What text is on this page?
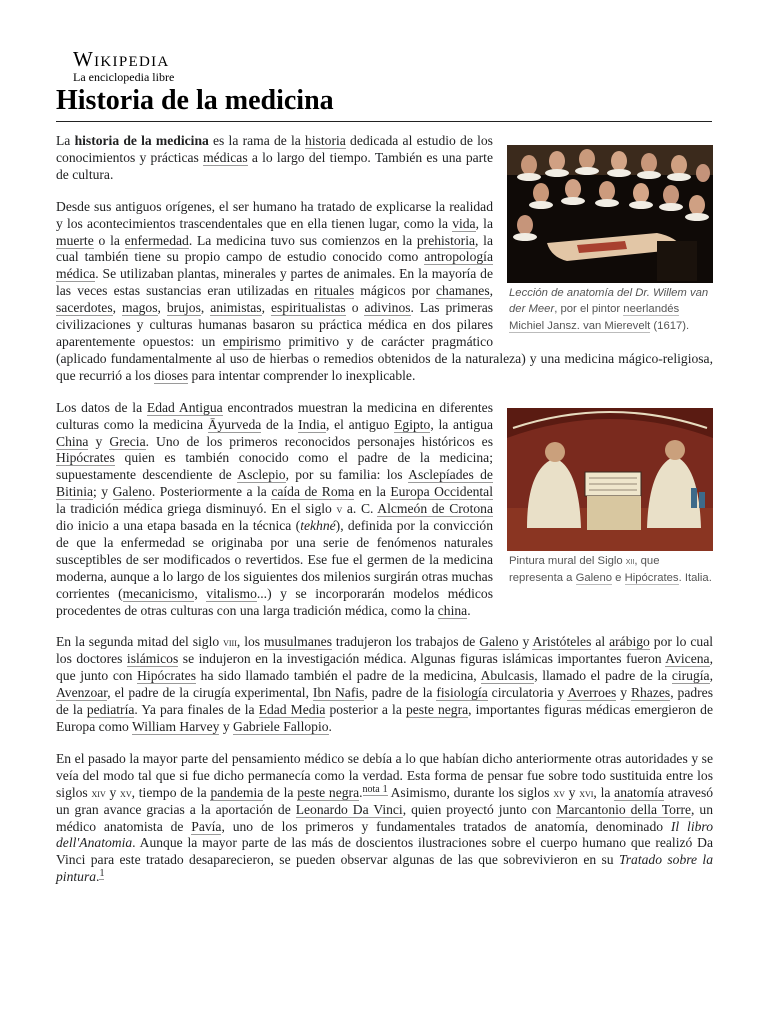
Wikipedia
La enciclopedia libre
Historia de la medicina
Lección de anatomía del Dr. Willem van der Meer, por el pintor neerlandés Michiel Jansz. van Mierevelt (1617).

La historia de la medicina es la rama de la historia dedicada al estudio de los conocimientos y prácticas médicas a lo largo del tiempo. También es una parte de cultura.

Desde sus antiguos orígenes, el ser humano ha tratado de explicarse la realidad y los acontecimientos trascendentales que en ella tienen lugar, como la vida, la muerte o la enfermedad. La medicina tuvo sus comienzos en la prehistoria, la cual también tiene su propio campo de estudio conocido como antropología médica. Se utilizaban plantas, minerales y partes de animales. En la mayoría de las veces estas sustancias eran utilizadas en rituales mágicos por chamanes, sacerdotes, magos, brujos, animistas, espiritualistas o adivinos. Las primeras civilizaciones y culturas humanas basaron su práctica médica en dos pilares aparentemente opuestos: un empirismo primitivo y de carácter pragmático (aplicado fundamentalmente al uso de hierbas o remedios obtenidos de la naturaleza) y una medicina mágico-religiosa, que recurrió a los dioses para intentar comprender lo inexplicable.

Pintura mural del Siglo xii, que representa a Galeno e Hipócrates. Italia.

Los datos de la Edad Antigua encontrados muestran la medicina en diferentes culturas como la medicina Āyurveda de la India, el antiguo Egipto, la antigua China y Grecia. Uno de los primeros reconocidos personajes históricos es Hipócrates quien es también conocido como el padre de la medicina; supuestamente descendiente de Asclepio, por su familia: los Asclepíades de Bitinia; y Galeno. Posteriormente a la caída de Roma en la Europa Occidental la tradición médica griega disminuyó. En el siglo v a. C. Alcmeón de Crotona dio inicio a una etapa basada en la técnica (tekhné), definida por la convicción de que la enfermedad se originaba por una serie de fenómenos naturales susceptibles de ser modificados o revertidos. Ese fue el germen de la medicina moderna, aunque a lo largo de los siguientes dos milenios surgirán otras muchas corrientes (mecanicismo, vitalismo...) y se incorporarán modelos médicos procedentes de otras culturas con una larga tradición médica, como la china.

En la segunda mitad del siglo viii, los musulmanes tradujeron los trabajos de Galeno y Aristóteles al arábigo por lo cual los doctores islámicos se indujeron en la investigación médica. Algunas figuras islámicas importantes fueron Avicena, que junto con Hipócrates ha sido llamado también el padre de la medicina, Abulcasis, llamado el padre de la cirugía, Avenzoar, el padre de la cirugía experimental, Ibn Nafis, padre de la fisiología circulatoria y Averroes y Rhazes, padres de la pediatría. Ya para finales de la Edad Media posterior a la peste negra, importantes figuras médicas emergieron de Europa como William Harvey y Gabriele Fallopio.

En el pasado la mayor parte del pensamiento médico se debía a lo que habían dicho anteriormente otras autoridades y se veía del modo tal que si fue dicho permanecía como la verdad. Esta forma de pensar fue sobre todo sustituida entre los siglos xiv y xv, tiempo de la pandemia de la peste negra.$^{nota 1}$ Asimismo, durante los siglos xv y xvi, la anatomía atravesó un gran avance gracias a la aportación de Leonardo Da Vinci, quien proyectó junto con Marcantonio della Torre, un médico anatomista de Pavía, uno de los primeros y fundamentales tratados de anatomía, denominado Il libro dell'Anatomia. Aunque la mayor parte de las más de doscientos ilustraciones sobre el cuerpo humano que realizó Da Vinci para este tratado desaparecieron, se pueden observar algunas de las que sobrevivieron en su Tratado sobre la pintura.$^1$
